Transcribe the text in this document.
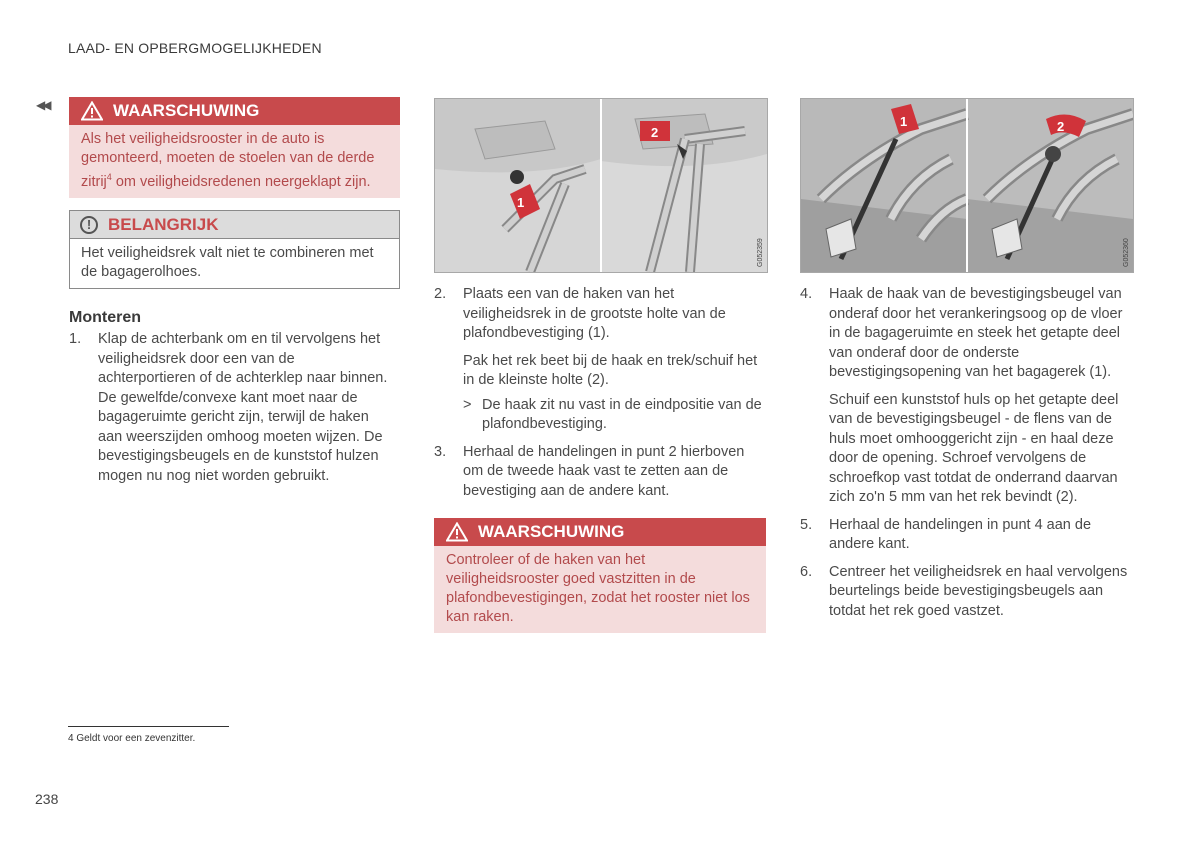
LAAD- EN OPBERGMOGELIJKHEDEN
◀◀	WAARSCHUWING
Als het veiligheidsrooster in de auto is gemonteerd, moeten de stoelen van de derde zitrij$^4$ om veiligheidsredenen neergeklapt zijn.
! BELANGRIJK
Het veiligheidsrek valt niet te combineren met de bagagerolhoes.
Monteren
1.	Klap de achterbank om en til vervolgens het veiligheidsrek door een van de achterportieren of de achterklep naar binnen. De gewelfde/convexe kant moet naar de bagageruimte gericht zijn, terwijl de haken aan weerszijden omhoog moeten wijzen. De bevestigingsbeugels en de kunststof hulzen mogen nu nog niet worden gebruikt.
1
2
G052359
2.	Plaats een van de haken van het veiligheidsrek in de grootste holte van de plafondbevestiging (1).
Pak het rek beet bij de haak en trek/schuif het in de kleinste holte (2).
> De haak zit nu vast in de eindpositie van de plafondbevestiging.
3.	Herhaal de handelingen in punt 2 hierboven om de tweede haak vast te zetten aan de bevestiging aan de andere kant.
WAARSCHUWING
Controleer of de haken van het veiligheidsrooster goed vastzitten in de plafondbevestigingen, zodat het rooster niet los kan raken.
1	2
G052360
4.	Haak de haak van de bevestigingsbeugel van onderaf door het verankeringsoog op de vloer in de bagageruimte en steek het getapte deel van onderaf door de onderste bevestigingsopening van het bagagerek (1).
Schuif een kunststof huls op het getapte deel van de bevestigingsbeugel - de flens van de huls moet omhooggericht zijn - en haal deze door de opening. Schroef vervolgens de schroefkop vast totdat de onderrand daarvan zich zo'n 5 mm van het rek bevindt (2).
5.	Herhaal de handelingen in punt 4 aan de andere kant.
6.	Centreer het veiligheidsrek en haal vervolgens beurtelings beide bevestigingsbeugels aan totdat het rek goed vastzet.
4 Geldt voor een zevenzitter.
238
